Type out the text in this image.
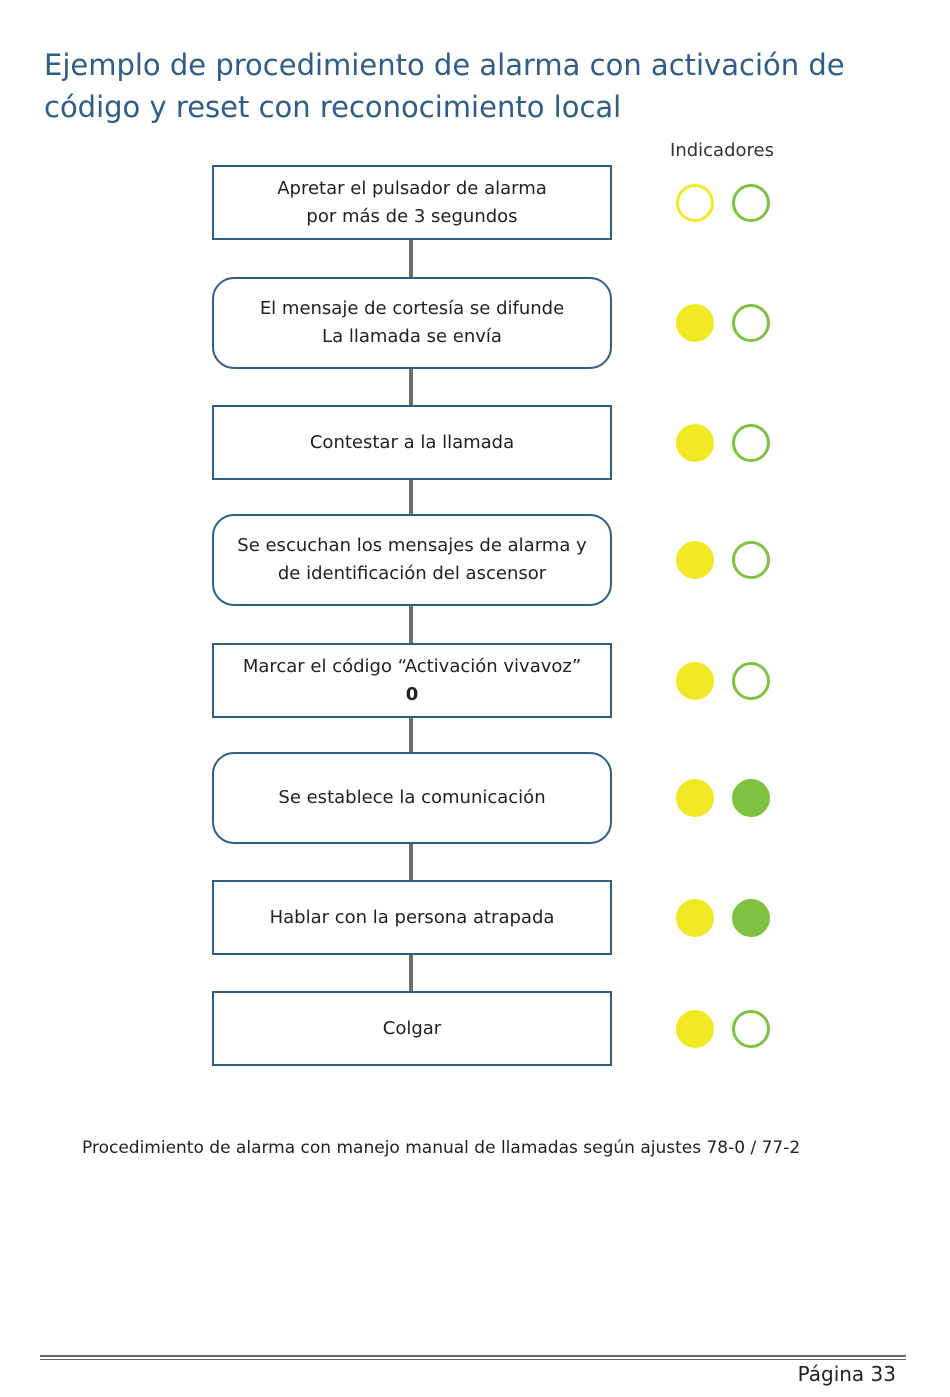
Ejemplo de procedimiento de alarma con activación de código y reset con reconocimiento local
Indicadores
Apretar el pulsador de alarma
por más de 3 segundos
El mensaje de cortesía se difunde
La llamada se envía
Contestar a la llamada
Se escuchan los mensajes de alarma y
de identificación del ascensor
Marcar el código “Activación vivavoz”
0
Se establece la comunicación
Hablar con la persona atrapada
Colgar
Procedimiento de alarma con manejo manual de llamadas según ajustes 78-0 / 77-2
Página 33
